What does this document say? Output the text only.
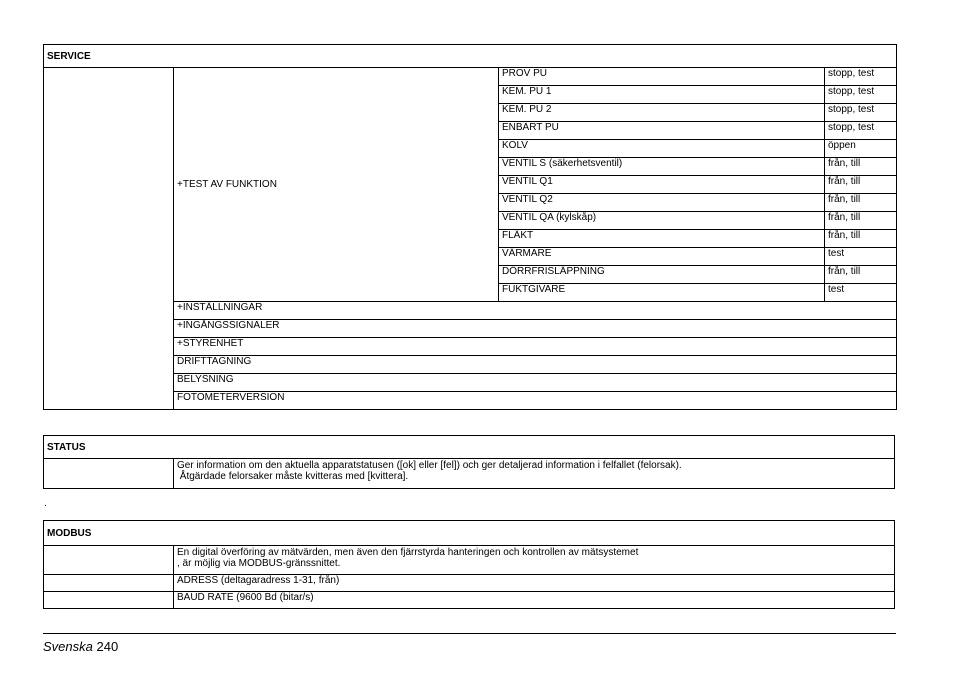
SERVICE			
	+TEST AV FUNKTION	PROV PU	stopp, test
		KEM. PU 1	stopp, test
		KEM. PU 2	stopp, test
		ENBART PU	stopp, test
		KOLV	öppen
		VENTIL S (säkerhetsventil)	från, till
		VENTIL Q1	från, till
		VENTIL Q2	från, till
		VENTIL QA (kylskåp)	från, till
		FLÄKT	från, till
		VÄRMARE	test
		DÖRRFRISLÄPPNING	från, till
		FUKTGIVARE	test
	+INSTÄLLNINGAR		
	+INGÅNGSSIGNALER		
	+STYRENHET		
	DRIFTTAGNING		
	BELYSNING		
	FOTOMETERVERSION		
STATUS

Ger information om den aktuella apparatstatusen ([ok] eller [fel]) och ger detaljerad information i felfallet (felorsak).
Åtgärdade felorsaker måste kvitteras med [kvittera].
.
MODBUS	

	En digital överföring av mätvärden, men även den fjärrstyrda hanteringen och kontrollen av mätsystemet
, är möjlig via MODBUS-gränssnittet.

	ADRESS (deltagaradress 1-31, från)
	BAUD RATE (9600 Bd (bitar/s)
Svenska 240
